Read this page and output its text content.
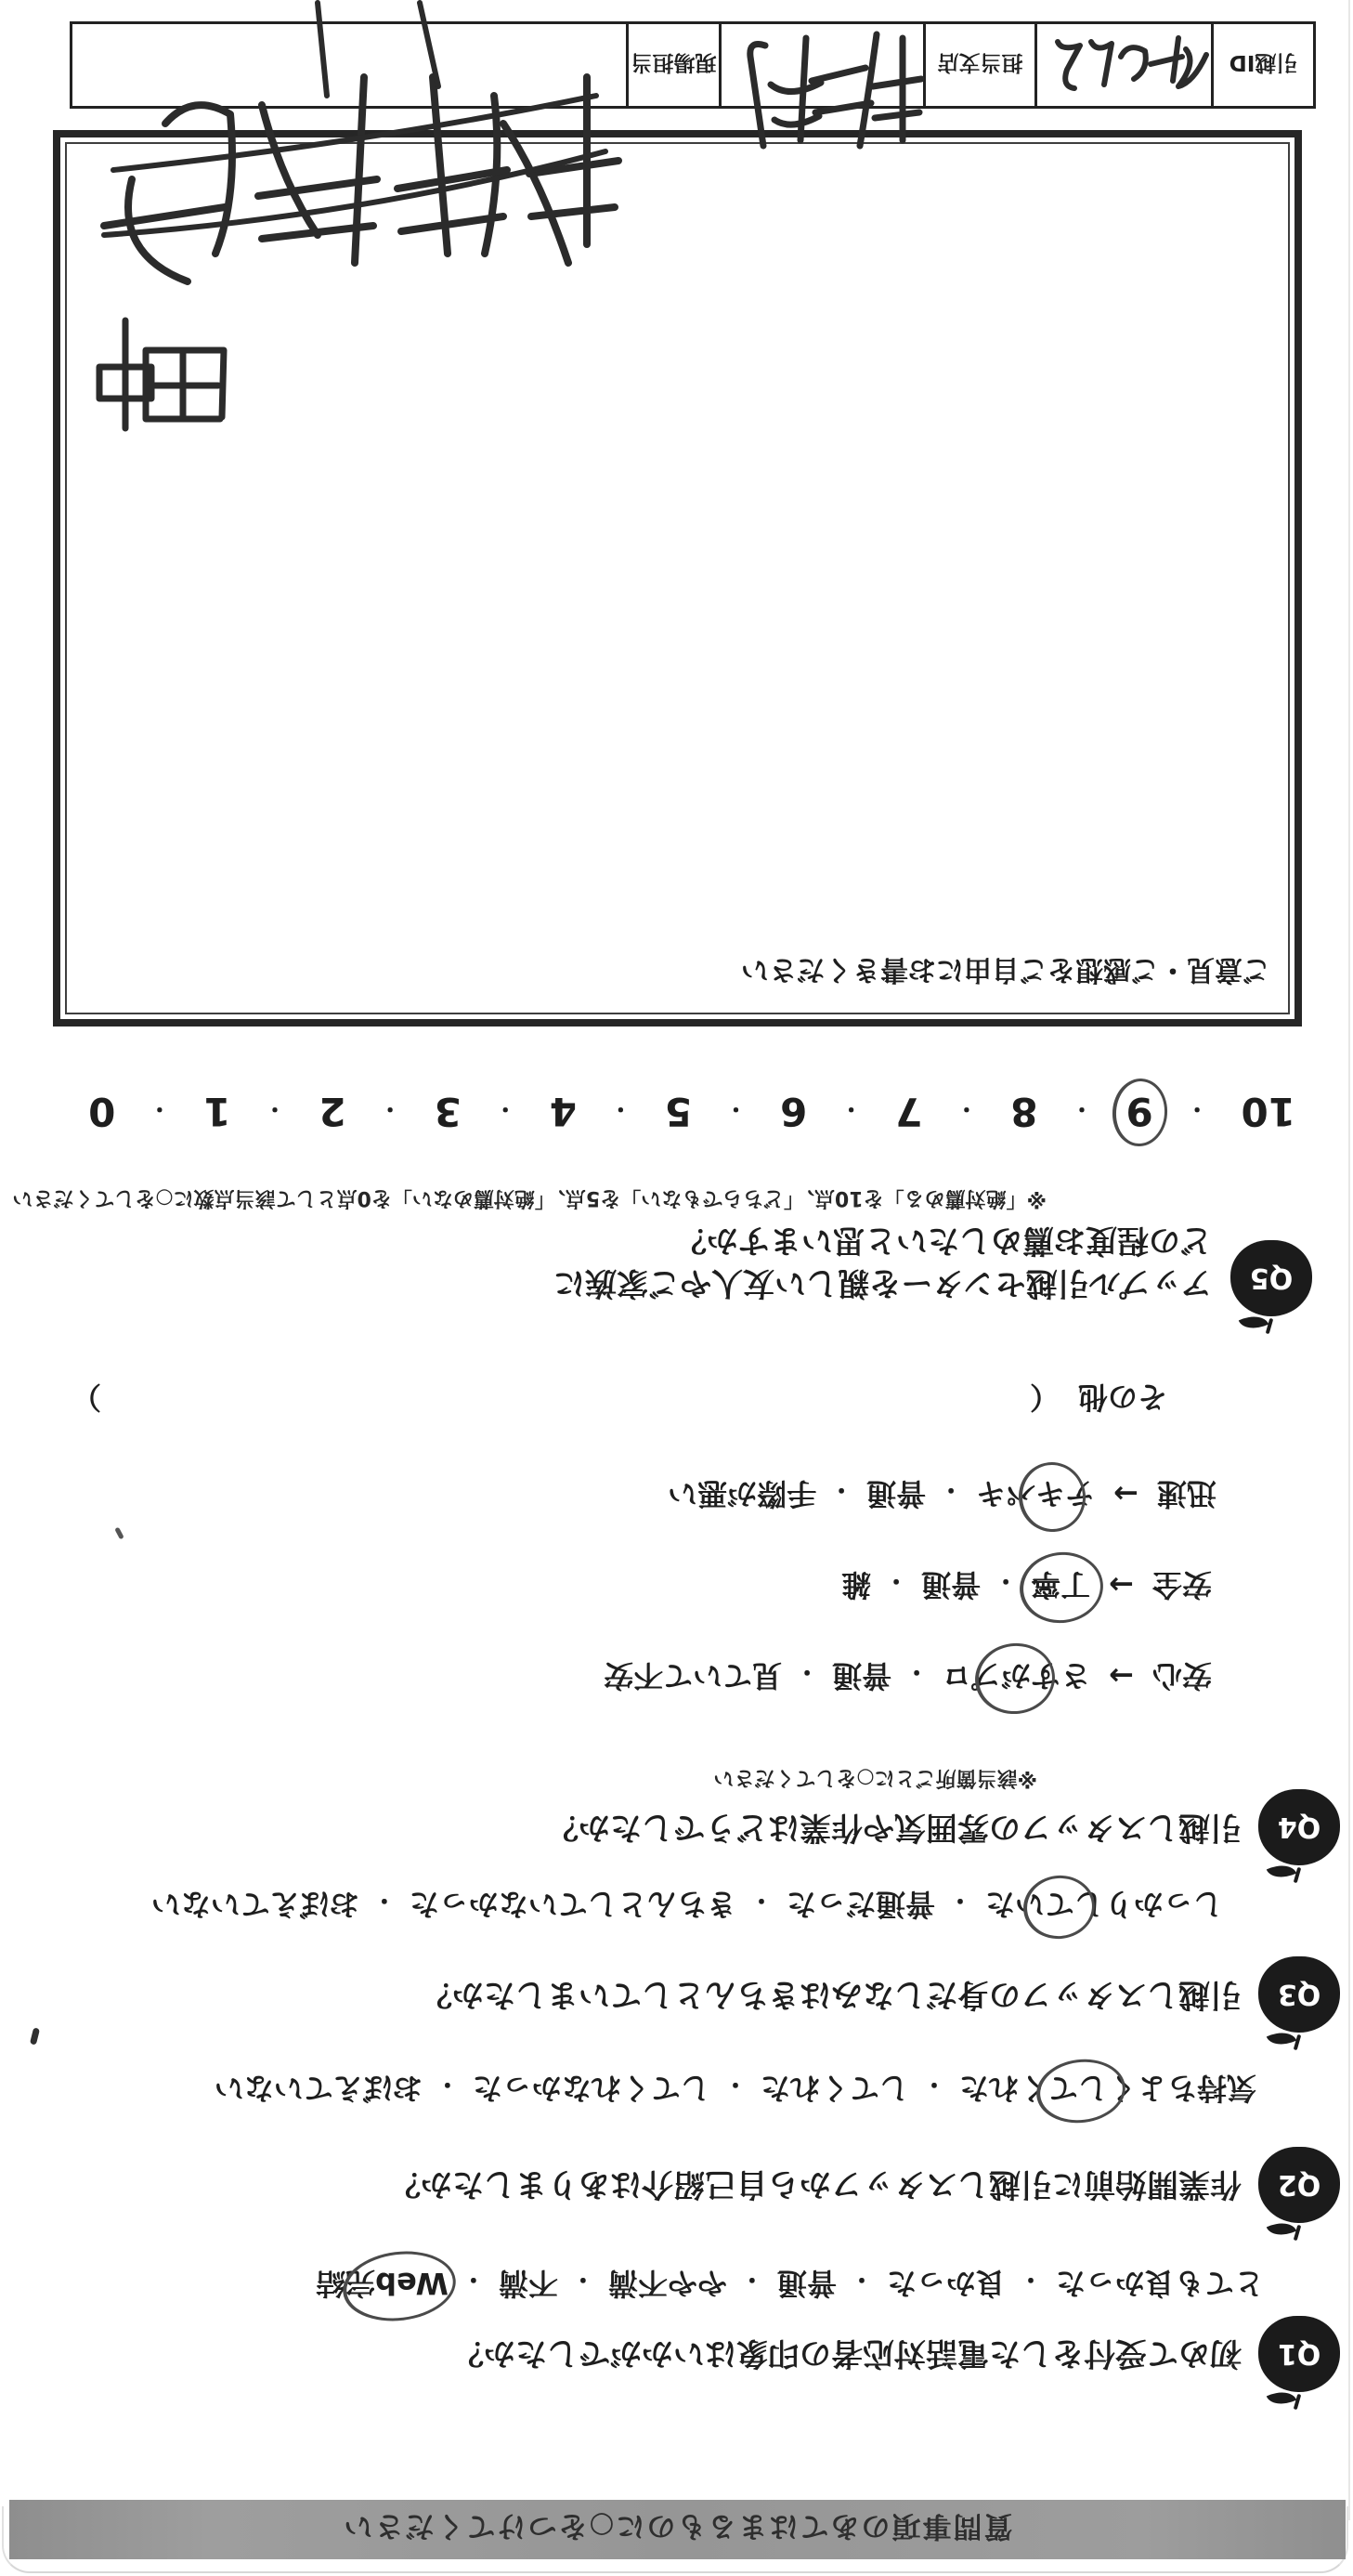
質問事項のあてはまるものに○をつけてください
Q1
初めて受付をした電話対応者の印象はいかがでしたか？
とても良かった・良かった・普通・やや不満・不満・Web完結
Q2
作業開始前に引越しスタッフから自己紹介はありましたか？
気持ちよくしてくれた・してくれた・してくれなかった・おぼえていない
Q3
引越しスタッフの身だしなみはきちんとしていましたか？
しっかりしていた・普通だった・きちんとしていなかった・おぼえていない
Q4
引越しスタッフの雰囲気や作業はどうでしたか？
※該当箇所ごとに○をしてください
安心→さすがプロ・普通・見ていて不安
安全→丁寧・普通・雑
迅速→テキパキ・普通・手際が悪い
その他（）
Q5
アップル引越センターを親しい友人やご家族に
どの程度お薦めしたいと思いますか？
※「絶対薦める」を10点、「どちらでもない」を5点、「絶対薦めない」を0点として該当点数に○をしてください
10
・
9
・
8
・
7
・
6
・
5
・
4
・
3
・
2
・
1
・
0
ご意見・ご感想をご自由にお書きください
引越ID
担当支店
現場担当
